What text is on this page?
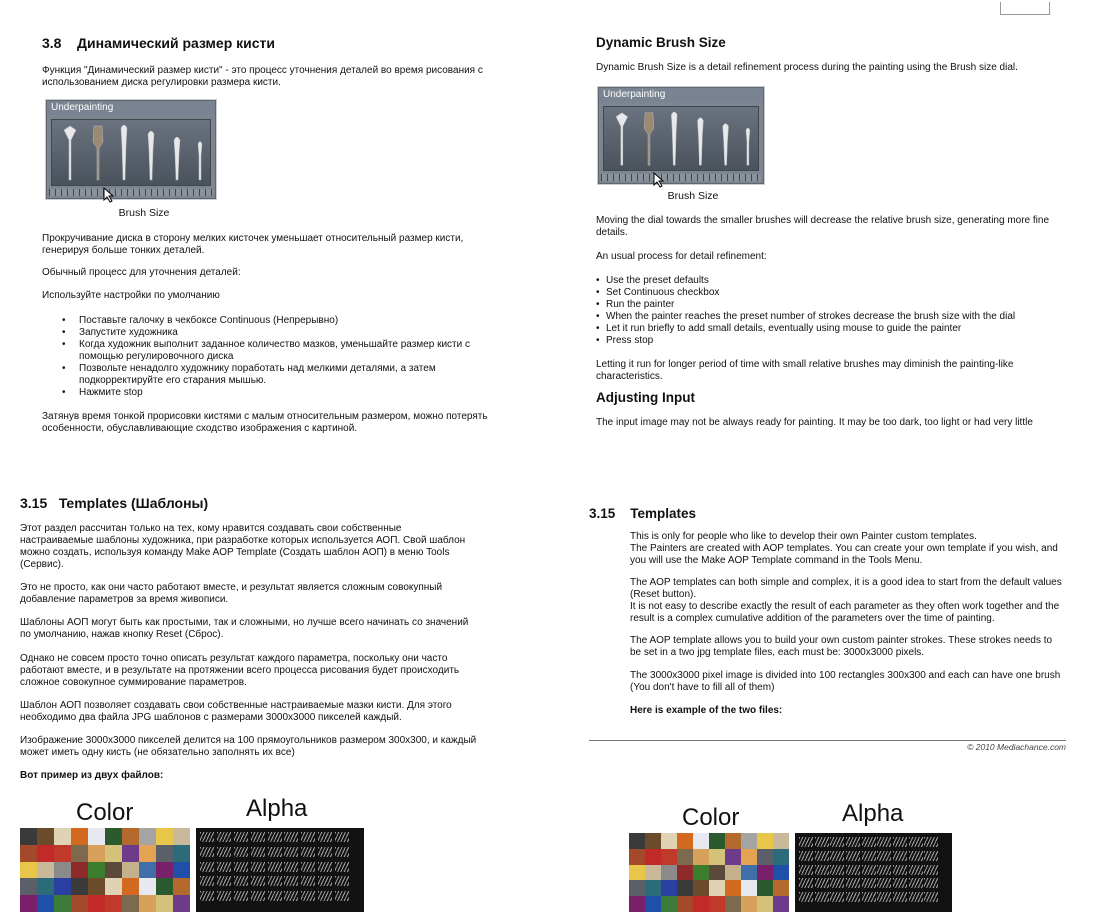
3.8 Динамический размер кисти

Функция "Динамический размер кисти" - это процесс уточнения деталей во время рисования с использованием диска регулировки размера кисти.

Underpainting
Brush Size

Прокручивание диска в сторону мелких кисточек уменьшает относительный размер кисти, генерируя больше тонких деталей.

Обычный процесс для уточнения деталей:

Используйте настройки по умолчанию

• Поставьте галочку в чекбоксе Continuous (Непрерывно)
• Запустите художника
• Когда художник выполнит заданное количество мазков, уменьшайте размер кисти с помощью регулировочного диска
• Позвольте ненадолго художнику поработать над мелкими деталями, а затем подкорректируйте его старания мышью.
• Нажмите stop

Затянув время тонкой прорисовки кистями с малым относительным размером, можно потерять особенности, обуславливающие сходство изображения с картиной.

Dynamic Brush Size

Dynamic Brush Size is a detail refinement process during the painting using the Brush size dial.

Underpainting
Brush Size

Moving the dial towards the smaller brushes will decrease the relative brush size, generating more fine details.

An usual process for detail refinement:

• Use the preset defaults
• Set Continuous checkbox
• Run the painter
• When the painter reaches the preset number of strokes decrease the brush size with the dial
• Let it run briefly to add small details, eventually using mouse to guide the painter
• Press stop

Letting it run for longer period of time with small relative brushes may diminish the painting-like characteristics.

Adjusting Input

The input image may not be always ready for painting. It may be too dark, too light or had very little

3.15 Templates (Шаблоны)

Этот раздел рассчитан только на тех, кому нравится создавать свои собственные настраиваемые шаблоны художника, при разработке которых используется АОП. Свой шаблон можно создать, используя команду Make AOP Template (Создать шаблон АОП) в меню Tools (Сервис).

Это не просто, как они часто работают вместе, и результат является сложным совокупный добавление параметров за время живописи.

Шаблоны АОП могут быть как простыми, так и сложными, но лучше всего начинать со значений по умолчанию, нажав кнопку Reset (Сброс).

Однако не совсем просто точно описать результат каждого параметра, поскольку они часто работают вместе, и в результате на протяжении всего процесса рисования будет происходить сложное совокупное суммирование параметров.

Шаблон АОП позволяет создавать свои собственные настраиваемые мазки кисти. Для этого необходимо два файла JPG шаблонов с размерами 3000x3000 пикселей каждый.

Изображение 3000x3000 пикселей делится на 100 прямоугольников размером 300x300, и каждый может иметь одну кисть (не обязательно заполнять их все)

Вот пример из двух файлов:

Color	Alpha
3.15 Templates

This is only for people who like to develop their own Painter custom templates.

The Painters are created with AOP templates. You can create your own template if you wish, and you will use the Make AOP Template command in the Tools Menu.

The AOP templates can both simple and complex, it is a good idea to start from the default values (Reset button).

It is not easy to describe exactly the result of each parameter as they often work together and the result is a complex cumulative addition of the parameters over the time of painting.

The AOP template allows you to build your own custom painter strokes. These strokes needs to be set in a two jpg template files, each must be: 3000x3000 pixels.

The 3000x3000 pixel image is divided into 100 rectangles 300x300 and each can have one brush (You don't have to fill all of them)

Here is example of the two files:

© 2010 Mediachance.com
Color	Alpha
